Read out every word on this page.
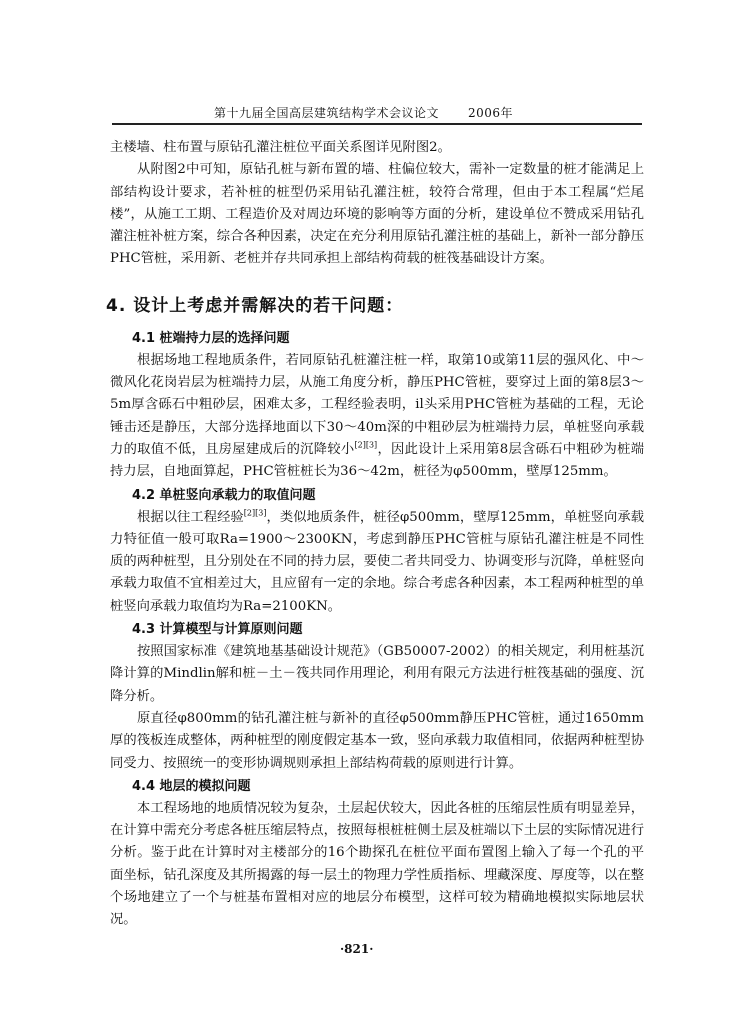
第十九届全国高层建筑结构学术会议论文 2006年

主楼墙、柱布置与原钻孔灌注桩位平面关系图详见附图2。

从附图2中可知，原钻孔桩与新布置的墙、柱偏位较大，需补一定数量的桩才能满足上部结构设计要求，若补桩的桩型仍采用钻孔灌注桩，较符合常理，但由于本工程属“烂尾楼”，从施工工期、工程造价及对周边环境的影响等方面的分析，建设单位不赞成采用钻孔灌注桩补桩方案，综合各种因素，决定在充分利用原钻孔灌注桩的基础上，新补一部分静压PHC管桩，采用新、老桩并存共同承担上部结构荷载的桩筏基础设计方案。

4. 设计上考虑并需解决的若干问题：
4.1 桩端持力层的选择问题

根据场地工程地质条件，若同原钻孔桩灌注桩一样，取第10或第11层的强风化、中～微风化花岗岩层为桩端持力层，从施工角度分析，静压PHC管桩，要穿过上面的第8层3～5m厚含砾石中粗砂层，困难太多，工程经验表明，il头采用PHC管桩为基础的工程，无论锤击还是静压，大部分选择地面以下30～40m深的中粗砂层为桩端持力层，单桩竖向承载力的取值不低，且房屋建成后的沉降较小[2][3]，因此设计上采用第8层含砾石中粗砂为桩端持力层，自地面算起，PHC管桩桩长为36～42m，桩径为φ500mm，壁厚125mm。

4.2 单桩竖向承载力的取值问题

根据以往工程经验[2][3]，类似地质条件，桩径φ500mm，壁厚125mm，单桩竖向承载力特征值一般可取Ra=1900～2300KN，考虑到静压PHC管桩与原钻孔灌注桩是不同性质的两种桩型，且分别处在不同的持力层，要使二者共同受力、协调变形与沉降，单桩竖向承载力取值不宜相差过大，且应留有一定的余地。综合考虑各种因素，本工程两种桩型的单桩竖向承载力取值均为Ra=2100KN。

4.3 计算模型与计算原则问题

按照国家标准《建筑地基基础设计规范》（GB50007-2002）的相关规定，利用桩基沉降计算的Mindlin解和桩－土－筏共同作用理论，利用有限元方法进行桩筏基础的强度、沉降分析。

原直径φ800mm的钻孔灌注桩与新补的直径φ500mm静压PHC管桩，通过1650mm厚的筏板连成整体，两种桩型的刚度假定基本一致，竖向承载力取值相同，依据两种桩型协同受力、按照统一的变形协调规则承担上部结构荷载的原则进行计算。

4.4 地层的模拟问题

本工程场地的地质情况较为复杂，土层起伏较大，因此各桩的压缩层性质有明显差异，在计算中需充分考虑各桩压缩层特点，按照每根桩桩侧土层及桩端以下土层的实际情况进行分析。鉴于此在计算时对主楼部分的16个勘探孔在桩位平面布置图上输入了每一个孔的平面坐标，钻孔深度及其所揭露的每一层土的物理力学性质指标、埋藏深度、厚度等，以在整个场地建立了一个与桩基布置相对应的地层分布模型，这样可较为精确地模拟实际地层状况。

·821·
